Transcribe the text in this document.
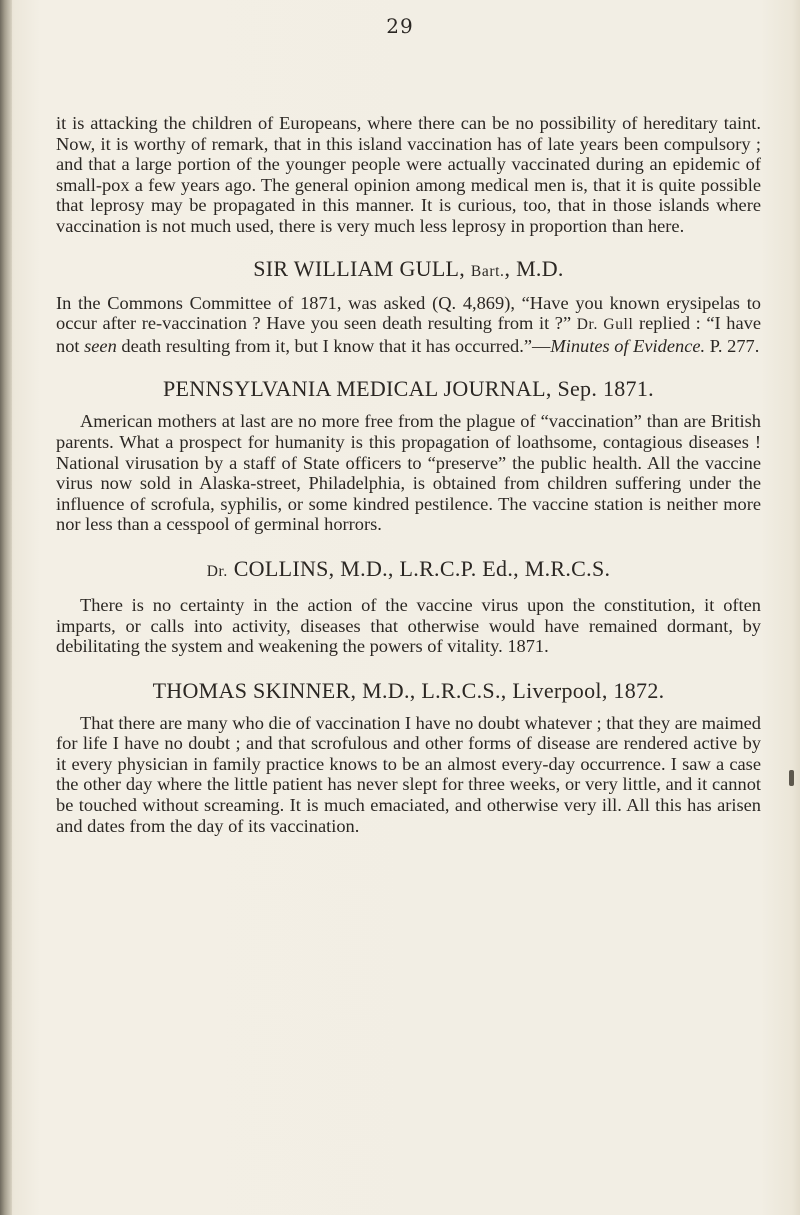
29

it is attacking the children of Europeans, where there can be no possibility of hereditary taint. Now, it is worthy of remark, that in this island vaccination has of late years been compulsory ; and that a large portion of the younger people were actually vaccinated during an epidemic of small-pox a few years ago. The general opinion among medical men is, that it is quite possible that leprosy may be propagated in this manner. It is curious, too, that in those islands where vaccination is not much used, there is very much less leprosy in proportion than here.

SIR WILLIAM GULL, Bart., M.D.

In the Commons Committee of 1871, was asked (Q. 4,869), “Have you known erysipelas to occur after re-vaccination ? Have you seen death resulting from it ?” Dr. Gull replied : “I have not seen death resulting from it, but I know that it has occurred.”—Minutes of Evidence. P. 277.

PENNSYLVANIA MEDICAL JOURNAL, Sep. 1871.

American mothers at last are no more free from the plague of “vaccination” than are British parents. What a prospect for humanity is this propagation of loathsome, contagious diseases ! National virusation by a staff of State officers to “preserve” the public health. All the vaccine virus now sold in Alaska-street, Philadelphia, is obtained from children suffering under the influence of scrofula, syphilis, or some kindred pestilence. The vaccine station is neither more nor less than a cesspool of germinal horrors.

Dr. COLLINS, M.D., L.R.C.P. Ed., M.R.C.S.

There is no certainty in the action of the vaccine virus upon the constitution, it often imparts, or calls into activity, diseases that otherwise would have remained dormant, by debilitating the system and weakening the powers of vitality. 1871.

THOMAS SKINNER, M.D., L.R.C.S., Liverpool, 1872.

That there are many who die of vaccination I have no doubt whatever ; that they are maimed for life I have no doubt ; and that scrofulous and other forms of disease are rendered active by it every physician in family practice knows to be an almost every-day occurrence. I saw a case the other day where the little patient has never slept for three weeks, or very little, and it cannot be touched without screaming. It is much emaciated, and otherwise very ill. All this has arisen and dates from the day of its vaccination.
